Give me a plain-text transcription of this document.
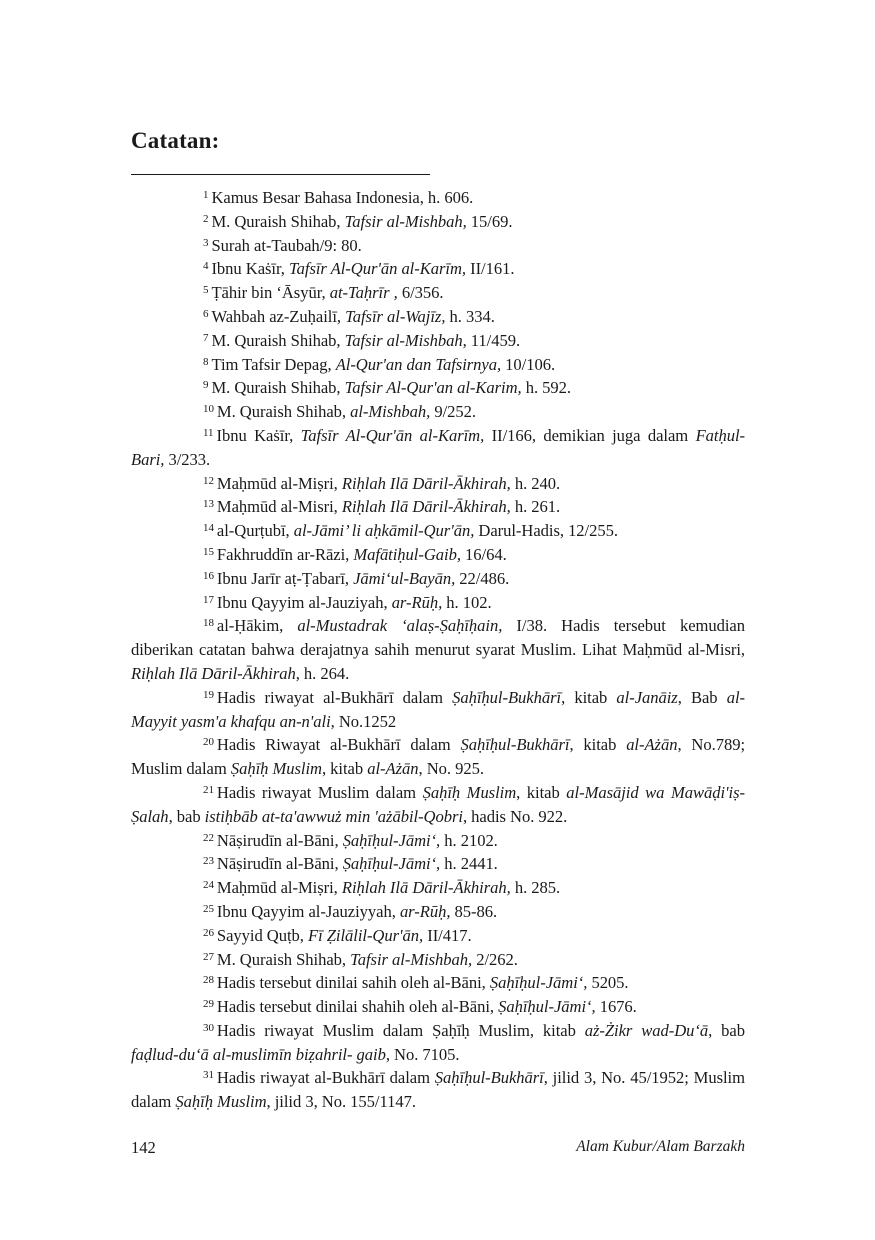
Catatan:

$^1$ Kamus Besar Bahasa Indonesia, h. 606.

$^2$ M. Quraish Shihab, Tafsir al-Mishbah, 15/69.

$^3$ Surah at-Taubah/9: 80.

$^4$ Ibnu Kaṡīr, Tafsīr Al-Qur'ān al-Karīm, II/161.

$^5$ Ṭāhir bin ‘Āsyūr, at-Taḥrīr , 6/356.

$^6$ Wahbah az-Zuḥailī, Tafsīr al-Wajīz, h. 334.

$^7$ M. Quraish Shihab, Tafsir al-Mishbah, 11/459.

$^8$ Tim Tafsir Depag, Al-Qur'an dan Tafsirnya, 10/106.

$^9$ M. Quraish Shihab, Tafsir Al-Qur'an al-Karim, h. 592.

$^{10}$ M. Quraish Shihab, al-Mishbah, 9/252.

$^{11}$ Ibnu Kaṡīr, Tafsīr Al-Qur'ān al-Karīm, II/166, demikian juga dalam Fatḥul-Bari, 3/233.

$^{12}$ Maḥmūd al-Miṣri, Riḥlah Ilā Dāril-Ākhirah, h. 240.

$^{13}$ Maḥmūd al-Misri, Riḥlah Ilā Dāril-Ākhirah, h. 261.

$^{14}$ al-Qurṭubī, al-Jāmi’ li aḥkāmil-Qur'ān, Darul-Hadis, 12/255.

$^{15}$ Fakhruddīn ar-Rāzi, Mafātiḥul-Gaib, 16/64.

$^{16}$ Ibnu Jarīr aṭ-Ṭabarī, Jāmi‘ul-Bayān, 22/486.

$^{17}$ Ibnu Qayyim al-Jauziyah, ar-Rūḥ, h. 102.

$^{18}$ al-Ḥākim, al-Mustadrak ‘alaṣ-Ṣaḥīḥain, I/38. Hadis tersebut kemudian diberikan catatan bahwa derajatnya sahih menurut syarat Muslim. Lihat Maḥmūd al-Misri, Riḥlah Ilā Dāril-Ākhirah, h. 264.

$^{19}$ Hadis riwayat al-Bukhārī dalam Ṣaḥīḥul-Bukhārī, kitab al-Janāiz, Bab al-Mayyit yasm'a khafqu an-n'ali, No.1252

$^{20}$ Hadis Riwayat al-Bukhārī dalam Ṣaḥīḥul-Bukhārī, kitab al-Ażān, No.789; Muslim dalam Ṣaḥīḥ Muslim, kitab al-Ażān, No. 925.

$^{21}$ Hadis riwayat Muslim dalam Ṣaḥīḥ Muslim, kitab al-Masājid wa Mawāḍi'iṣ-Ṣalah, bab istiḥbāb at-ta'awwuż min 'ażābil-Qobri, hadis No. 922.

$^{22}$ Nāṣirudīn al-Bāni, Ṣaḥīḥul-Jāmi‘, h. 2102.

$^{23}$ Nāṣirudīn al-Bāni, Ṣaḥīḥul-Jāmi‘, h. 2441.

$^{24}$ Maḥmūd al-Miṣri, Riḥlah Ilā Dāril-Ākhirah, h. 285.

$^{25}$ Ibnu Qayyim al-Jauziyyah, ar-Rūḥ, 85-86.

$^{26}$ Sayyid Quṭb, Fī Ẓilālil-Qur'ān, II/417.

$^{27}$ M. Quraish Shihab, Tafsir al-Mishbah, 2/262.

$^{28}$ Hadis tersebut dinilai sahih oleh al-Bāni, Ṣaḥīḥul-Jāmi‘, 5205.

$^{29}$ Hadis tersebut dinilai shahih oleh al-Bāni, Ṣaḥīḥul-Jāmi‘, 1676.

$^{30}$ Hadis riwayat Muslim dalam Ṣaḥīḥ Muslim, kitab aż-Żikr wad-Du‘ā, bab faḍlud-du‘ā al-muslimīn biẓahril- gaib, No. 7105.

$^{31}$ Hadis riwayat al-Bukhārī dalam Ṣaḥīḥul-Bukhārī, jilid 3, No. 45/1952; Muslim dalam Ṣaḥīḥ Muslim, jilid 3, No. 155/1147.

142	Alam Kubur/Alam Barzakh
